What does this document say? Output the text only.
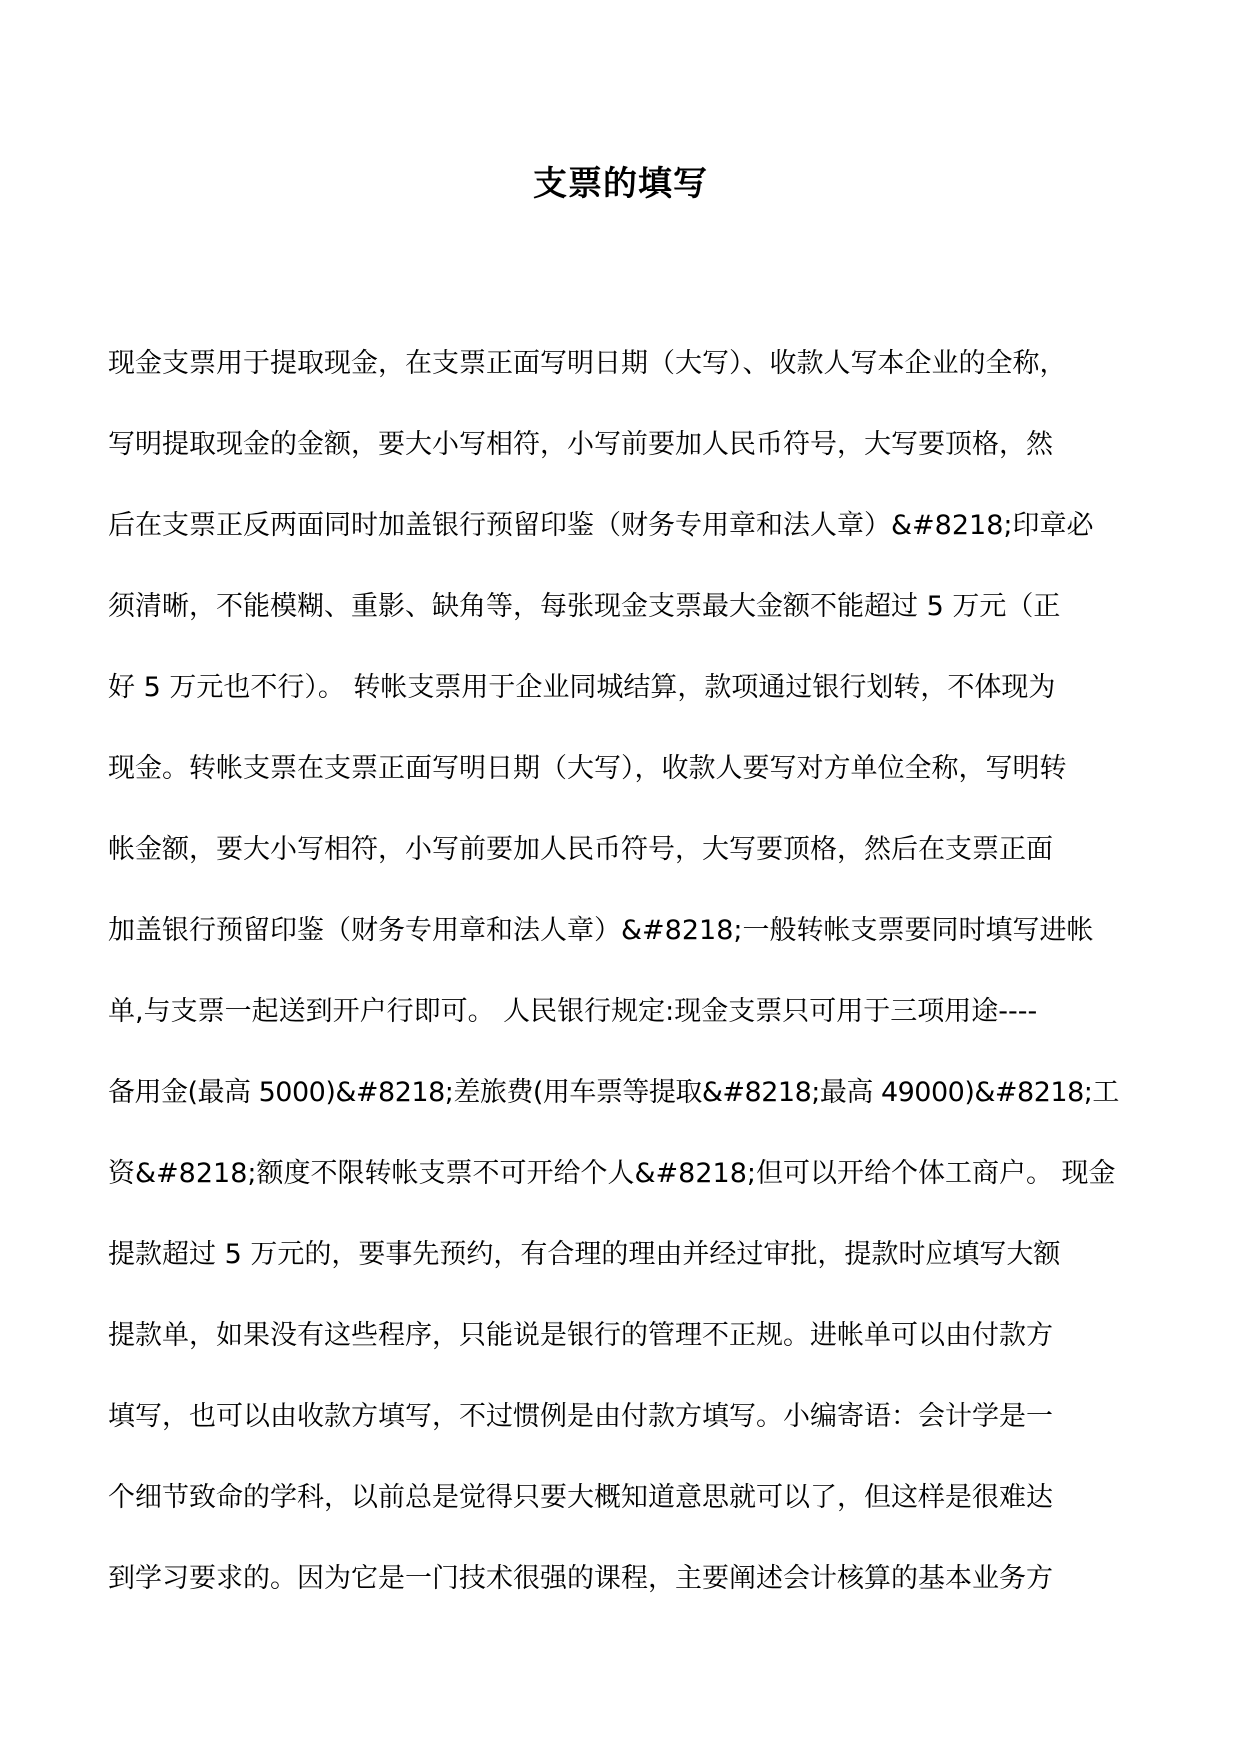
支票的填写
现金支票用于提取现金，在支票正面写明日期（大写）、收款人写本企业的全称，
写明提取现金的金额，要大小写相符，小写前要加人民币符号，大写要顶格，然
后在支票正反两面同时加盖银行预留印鉴（财务专用章和法人章）&#8218;印章必
须清晰，不能模糊、重影、缺角等，每张现金支票最大金额不能超过 5 万元（正
好 5 万元也不行）。 转帐支票用于企业同城结算，款项通过银行划转，不体现为
现金。转帐支票在支票正面写明日期（大写），收款人要写对方单位全称，写明转
帐金额，要大小写相符，小写前要加人民币符号，大写要顶格，然后在支票正面
加盖银行预留印鉴（财务专用章和法人章）&#8218;一般转帐支票要同时填写进帐
单,与支票一起送到开户行即可。 人民银行规定:现金支票只可用于三项用途----
备用金(最高 5000)&#8218;差旅费(用车票等提取&#8218;最高 49000)&#8218;工
资&#8218;额度不限转帐支票不可开给个人&#8218;但可以开给个体工商户。 现金
提款超过 5 万元的，要事先预约，有合理的理由并经过审批，提款时应填写大额
提款单，如果没有这些程序，只能说是银行的管理不正规。进帐单可以由付款方
填写，也可以由收款方填写，不过惯例是由付款方填写。小编寄语：会计学是一
个细节致命的学科，以前总是觉得只要大概知道意思就可以了，但这样是很难达
到学习要求的。因为它是一门技术很强的课程，主要阐述会计核算的基本业务方
